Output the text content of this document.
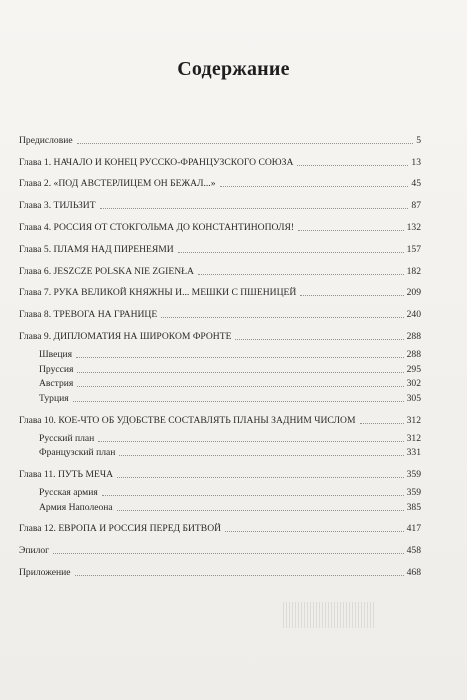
Содержание
Предисловие	5
Глава 1. НАЧАЛО И КОНЕЦ РУССКО-ФРАНЦУЗСКОГО СОЮЗА	13
Глава 2. «ПОД АВСТЕРЛИЦЕМ ОН БЕЖАЛ...»	45
Глава 3. ТИЛЬЗИТ	87
Глава 4. РОССИЯ ОТ СТОКГОЛЬМА ДО КОНСТАНТИНОПОЛЯ!	132
Глава 5. ПЛАМЯ НАД ПИРЕНЕЯМИ	157
Глава 6. JESZCZE POLSKA NIE ZGIENŁA	182
Глава 7. РУКА ВЕЛИКОЙ КНЯЖНЫ И... МЕШКИ С ПШЕНИЦЕЙ	209
Глава 8. ТРЕВОГА НА ГРАНИЦЕ	240
Глава 9. ДИПЛОМАТИЯ НА ШИРОКОМ ФРОНТЕ	288
Швеция	288
Пруссия	295
Австрия	302
Турция	305
Глава 10. КОЕ-ЧТО ОБ УДОБСТВЕ СОСТАВЛЯТЬ ПЛАНЫ ЗАДНИМ ЧИСЛОМ	312
Русский план	312
Французский план	331
Глава 11. ПУТЬ МЕЧА	359
Русская армия	359
Армия Наполеона	385
Глава 12. ЕВРОПА И РОССИЯ ПЕРЕД БИТВОЙ	417
Эпилог	458
Приложение	468
